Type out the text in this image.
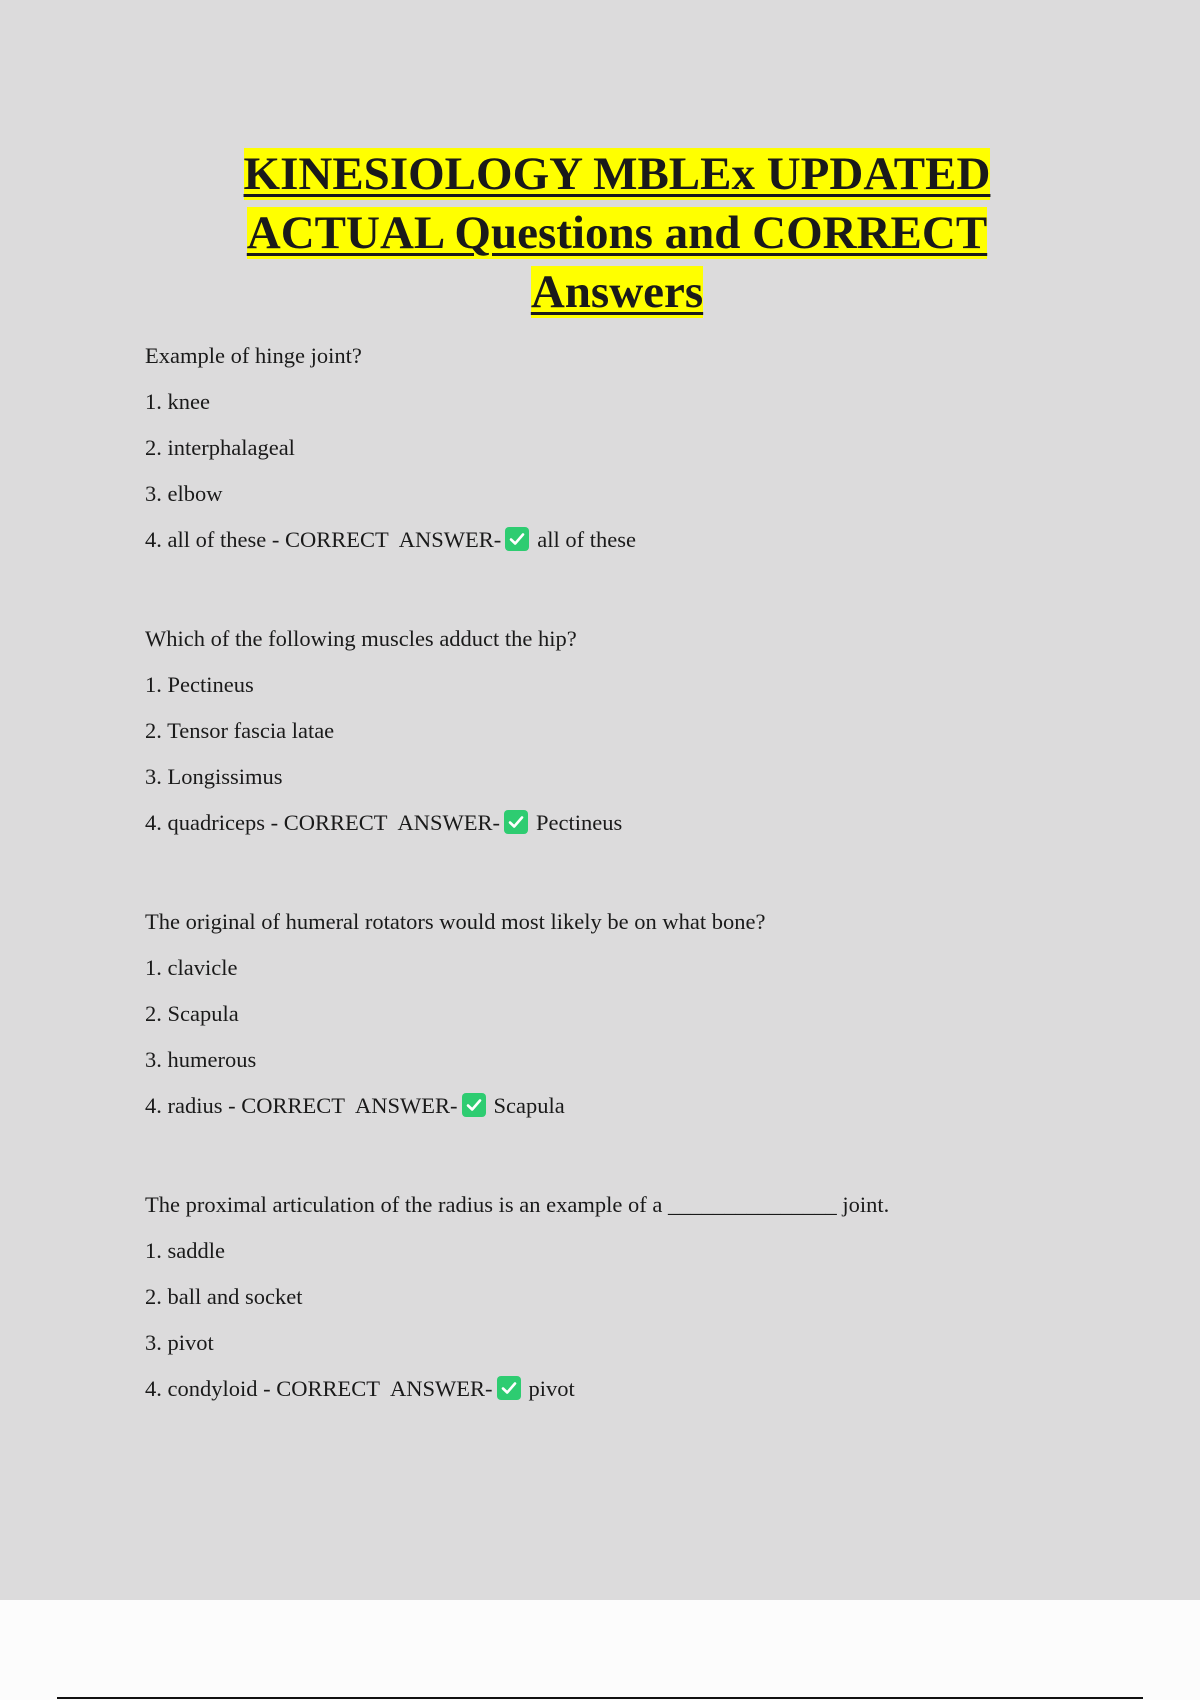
KINESIOLOGY MBLEx UPDATED
ACTUAL Questions and CORRECT
Answers

Example of hinge joint?

1. knee

2. interphalageal

3. elbow

4. all of these - CORRECT ANSWER- all of these

Which of the following muscles adduct the hip?

1. Pectineus

2. Tensor fascia latae

3. Longissimus

4. quadriceps - CORRECT ANSWER- Pectineus

The original of humeral rotators would most likely be on what bone?

1. clavicle

2. Scapula

3. humerous

4. radius - CORRECT ANSWER- Scapula

The proximal articulation of the radius is an example of a _______________ joint.

1. saddle

2. ball and socket

3. pivot

4. condyloid - CORRECT ANSWER- pivot
